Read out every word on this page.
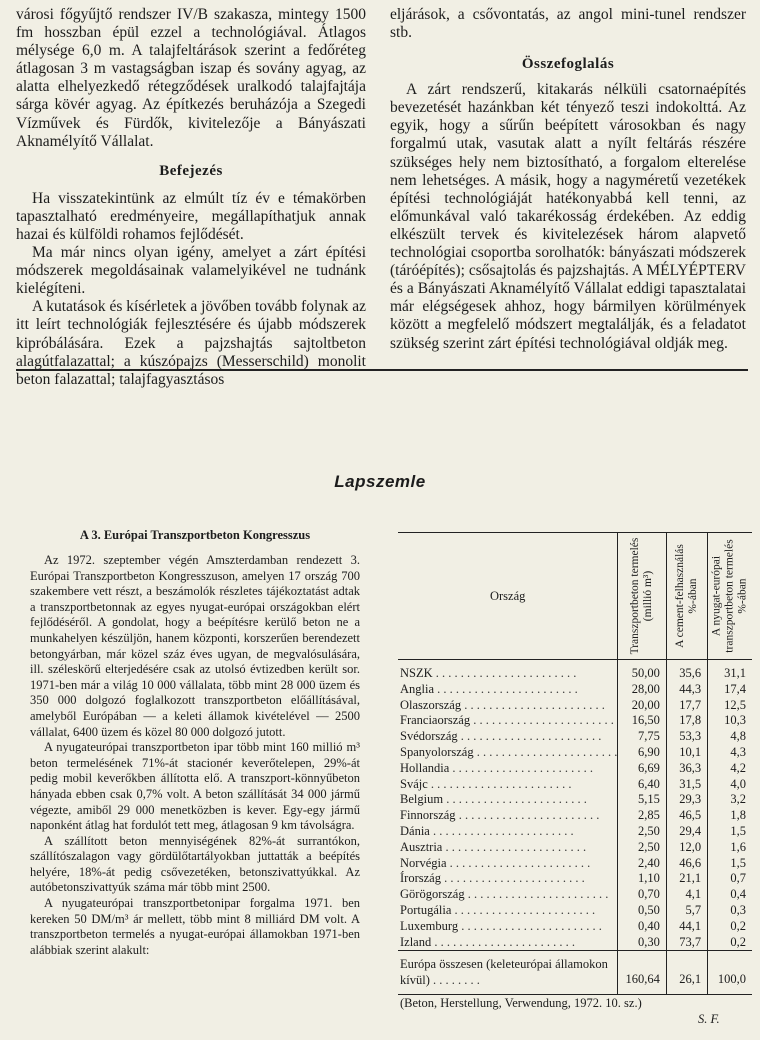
városi főgyűjtő rendszer IV/B szakasza, mintegy 1500 fm hosszban épül ezzel a technológiával. Átlagos mélysége 6,0 m. A talajfeltárások szerint a fedőréteg átlagosan 3 m vastagságban iszap és sovány agyag, az alatta elhelyezkedő rétegződések uralkodó talajfajtája sárga kövér agyag. Az építkezés beruházója a Szegedi Vízművek és Fürdők, kivitelezője a Bányászati Aknamélyítő Vállalat.

Befejezés

Ha visszatekintünk az elmúlt tíz év e témakörben tapasztalható eredményeire, megállapíthatjuk annak hazai és külföldi rohamos fejlődését.

Ma már nincs olyan igény, amelyet a zárt építési módszerek megoldásainak valamelyikével ne tudnánk kielégíteni.

A kutatások és kísérletek a jövőben tovább folynak az itt leírt technológiák fejlesztésére és újabb módszerek kipróbálására. Ezek a pajzshajtás sajtoltbeton alagútfalazattal; a kúszópajzs (Messerschild) monolit beton falazattal; talajfagyasztásos

eljárások, a csővontatás, az angol mini-tunel rendszer stb.

Összefoglalás

A zárt rendszerű, kitakarás nélküli csatornaépítés bevezetését hazánkban két tényező teszi indokolttá. Az egyik, hogy a sűrűn beépített városokban és nagy forgalmú utak, vasutak alatt a nyílt feltárás részére szükséges hely nem biztosítható, a forgalom elterelése nem lehetséges. A másik, hogy a nagyméretű vezetékek építési technológiáját hatékonyabbá kell tenni, az előmunkával való takarékosság érdekében. Az eddig elkészült tervek és kivitelezések három alapvető technológiai csoportba sorolhatók: bányászati módszerek (táróépítés); csősajtolás és pajzshajtás. A MÉLYÉPTERV és a Bányászati Aknamélyítő Vállalat eddigi tapasztalatai már elégségesek ahhoz, hogy bármilyen körülmények között a megfelelő módszert megtalálják, és a feladatot szükség szerint zárt építési technológiával oldják meg.

Lapszemle
A 3. Európai Transzportbeton Kongresszus

Az 1972. szeptember végén Amszterdamban rendezett 3. Európai Transzportbeton Kongresszuson, amelyen 17 ország 700 szakembere vett részt, a beszámolók részletes tájékoztatást adtak a transzportbetonnak az egyes nyugat-európai országokban elért fejlődéséről. A gondolat, hogy a beépítésre kerülő beton ne a munkahelyen készüljön, hanem központi, korszerűen berendezett betongyárban, már közel száz éves ugyan, de megvalósulására, ill. széleskörű elterjedésére csak az utolsó évtizedben került sor. 1971-ben már a világ 10 000 vállalata, több mint 28 000 üzem és 350 000 dolgozó foglalkozott transzportbeton előállításával, amelyből Európában — a keleti államok kivételével — 2500 vállalat, 6400 üzem és közel 80 000 dolgozó jutott.

A nyugateurópai transzportbeton ipar több mint 160 millió m³ beton termelésének 71%-át stacionér keverőtelepen, 29%-át pedig mobil keverőkben állította elő. A transzport-könnyűbeton hányada ebben csak 0,7% volt. A beton szállítását 34 000 jármű végezte, amiből 29 000 menetközben is kever. Egy-egy jármű naponként átlag hat fordulót tett meg, átlagosan 9 km távolságra.

A szállított beton mennyiségének 82%-át surrantókon, szállítószalagon vagy gördülőtartályokban juttatták a beépítés helyére, 18%-át pedig csővezetéken, betonszivattyúkkal. Az autóbetonszivattyúk száma már több mint 2500.

A nyugateurópai transzportbetonipar forgalma 1971. ben kereken 50 DM/m³ ár mellett, több mint 8 milliárd DM volt. A transzportbeton termelés a nyugat-európai államokban 1971-ben alábbiak szerint alakult:

Ország	Transzportbeton termelés (millió m³)	A cement-felhasználás %-ában	A nyugat-európai transzportbeton termelés %-ában

NSZK . . . . . . . . . . . . . . . . . . . . . . .	50,00	35,6	31,1
Anglia . . . . . . . . . . . . . . . . . . . . . . .	28,00	44,3	17,4
Olaszország . . . . . . . . . . . . . . . . . . . . . . .	20,00	17,7	12,5
Franciaország . . . . . . . . . . . . . . . . . . . . . . .	16,50	17,8	10,3
Svédország . . . . . . . . . . . . . . . . . . . . . . .	7,75	53,3	4,8
Spanyolország . . . . . . . . . . . . . . . . . . . . . . .	6,90	10,1	4,3
Hollandia . . . . . . . . . . . . . . . . . . . . . . .	6,69	36,3	4,2
Svájc . . . . . . . . . . . . . . . . . . . . . . .	6,40	31,5	4,0
Belgium . . . . . . . . . . . . . . . . . . . . . . .	5,15	29,3	3,2
Finnország . . . . . . . . . . . . . . . . . . . . . . .	2,85	46,5	1,8
Dánia . . . . . . . . . . . . . . . . . . . . . . .	2,50	29,4	1,5
Ausztria . . . . . . . . . . . . . . . . . . . . . . .	2,50	12,0	1,6
Norvégia . . . . . . . . . . . . . . . . . . . . . . .	2,40	46,6	1,5
Írország . . . . . . . . . . . . . . . . . . . . . . .	1,10	21,1	0,7
Görögország . . . . . . . . . . . . . . . . . . . . . . .	0,70	4,1	0,4
Portugália . . . . . . . . . . . . . . . . . . . . . . .	0,50	5,7	0,3
Luxemburg . . . . . . . . . . . . . . . . . . . . . . .	0,40	44,1	0,2
Izland . . . . . . . . . . . . . . . . . . . . . . .	0,30	73,7	0,2
Európa összesen (keleteurópai államokon kívül) . . . . . . . .	160,64	26,1	100,0
(Beton, Herstellung, Verwendung, 1972. 10. sz.)
S. F.
